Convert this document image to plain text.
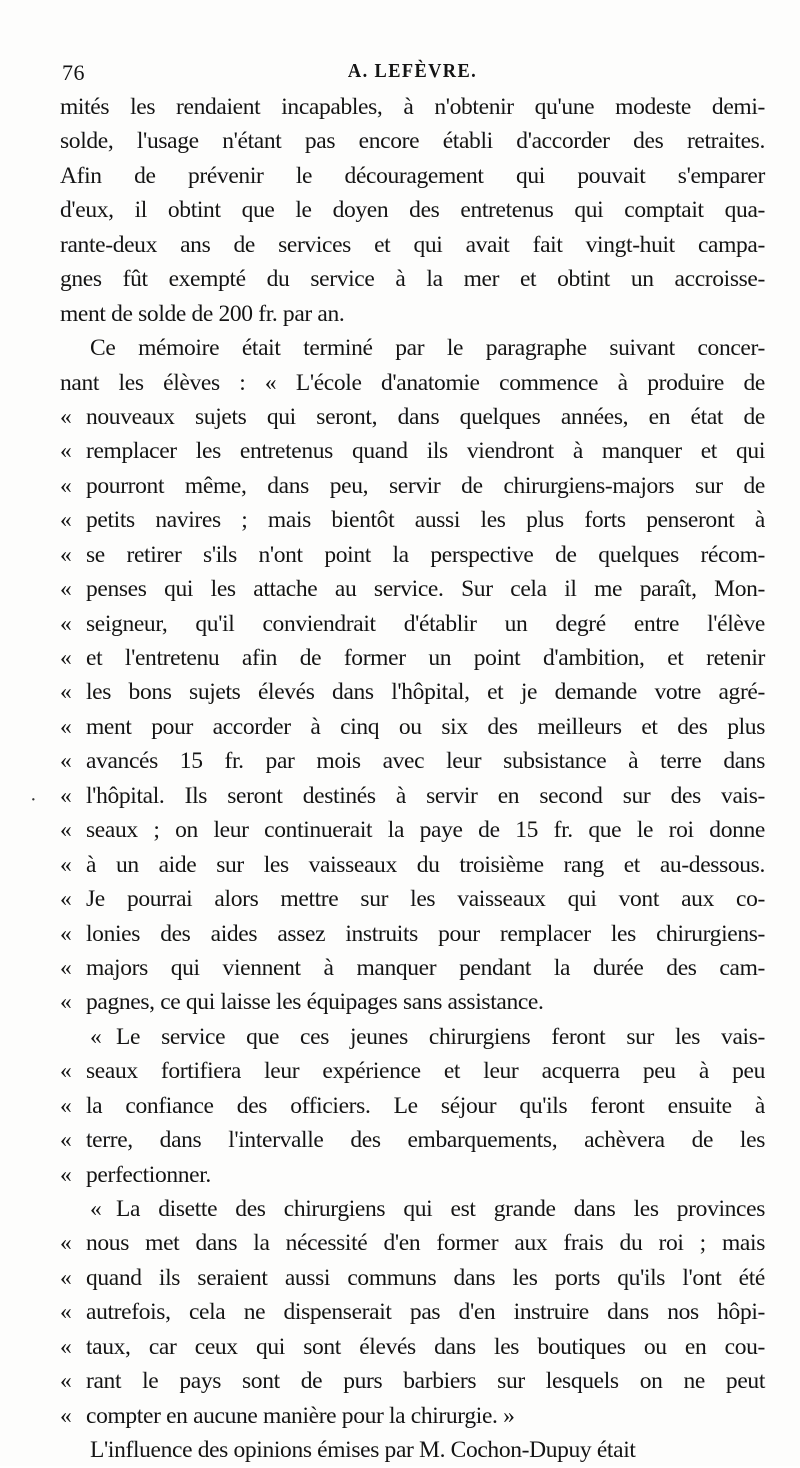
76	A. LEFÈVRE.
·
mités les rendaient incapables, à n'obtenir qu'une modeste demi-
solde, l'usage n'étant pas encore établi d'accorder des retraites.
Afin de prévenir le découragement qui pouvait s'emparer
d'eux, il obtint que le doyen des entretenus qui comptait qua-
rante-deux ans de services et qui avait fait vingt-huit campa-
gnes fût exempté du service à la mer et obtint un accroisse-
ment de solde de 200 fr. par an.
Ce mémoire était terminé par le paragraphe suivant concer-
nant les élèves : « L'école d'anatomie commence à produire de
« nouveaux sujets qui seront, dans quelques années, en état de
« remplacer les entretenus quand ils viendront à manquer et qui
« pourront même, dans peu, servir de chirurgiens-majors sur de
« petits navires ; mais bientôt aussi les plus forts penseront à
« se retirer s'ils n'ont point la perspective de quelques récom-
« penses qui les attache au service. Sur cela il me paraît, Mon-
« seigneur, qu'il conviendrait d'établir un degré entre l'élève
« et l'entretenu afin de former un point d'ambition, et retenir
« les bons sujets élevés dans l'hôpital, et je demande votre agré-
« ment pour accorder à cinq ou six des meilleurs et des plus
« avancés 15 fr. par mois avec leur subsistance à terre dans
« l'hôpital. Ils seront destinés à servir en second sur des vais-
« seaux ; on leur continuerait la paye de 15 fr. que le roi donne
« à un aide sur les vaisseaux du troisième rang et au-dessous.
« Je pourrai alors mettre sur les vaisseaux qui vont aux co-
« lonies des aides assez instruits pour remplacer les chirurgiens-
« majors qui viennent à manquer pendant la durée des cam-
« pagnes, ce qui laisse les équipages sans assistance.
« Le service que ces jeunes chirurgiens feront sur les vais-
« seaux fortifiera leur expérience et leur acquerra peu à peu
« la confiance des officiers. Le séjour qu'ils feront ensuite à
« terre, dans l'intervalle des embarquements, achèvera de les
« perfectionner.
« La disette des chirurgiens qui est grande dans les provinces
« nous met dans la nécessité d'en former aux frais du roi ; mais
« quand ils seraient aussi communs dans les ports qu'ils l'ont été
« autrefois, cela ne dispenserait pas d'en instruire dans nos hôpi-
« taux, car ceux qui sont élevés dans les boutiques ou en cou-
« rant le pays sont de purs barbiers sur lesquels on ne peut
« compter en aucune manière pour la chirurgie. »
L'influence des opinions émises par M. Cochon-Dupuy était
